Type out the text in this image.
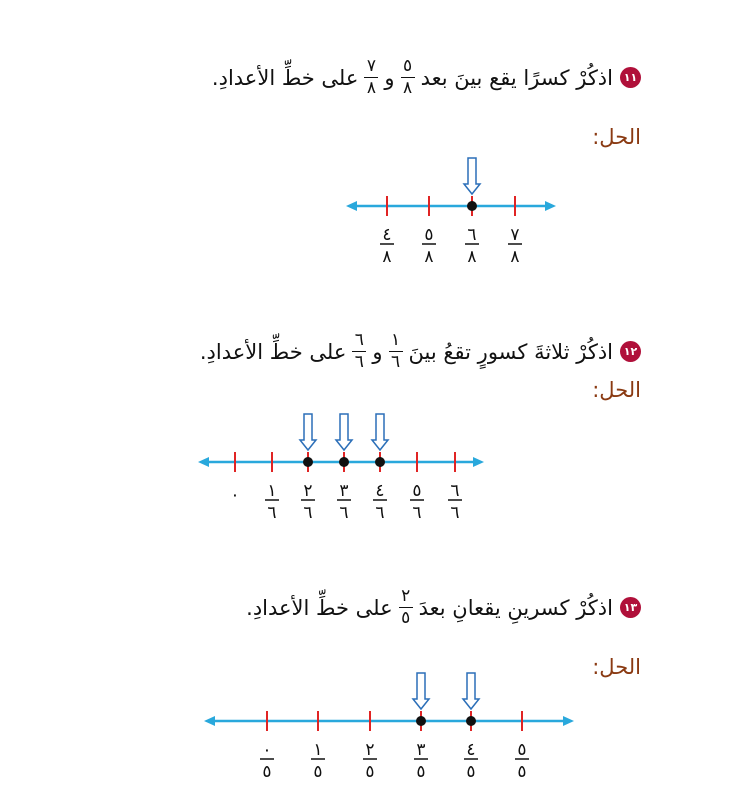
١١
اذكُرْ كسرًا يقع بينَ بعد
$\frac{٥}{٨}$
و
$\frac{٧}{٨}$
على خطِّ الأعدادِ.
الحل:
١٢
اذكُرْ ثلاثةَ كسورٍ تقعُ بينَ
$\frac{١}{٦}$
و
$\frac{٦}{٦}$
على خطِّ الأعدادِ.
الحل:
١٣
اذكُرْ كسرينِ يقعانِ بعدَ
$\frac{٢}{٥}$
على خطِّ الأعدادِ.
الحل:
٤
٨
٥
٨
٦
٨
٧
٨
٠ ١
٦
٢
٦
٣
٦
٤
٦
٥
٦
٦
٦
٠
٥
١
٥
٢
٥
٣
٥
٤
٥
٥
٥
